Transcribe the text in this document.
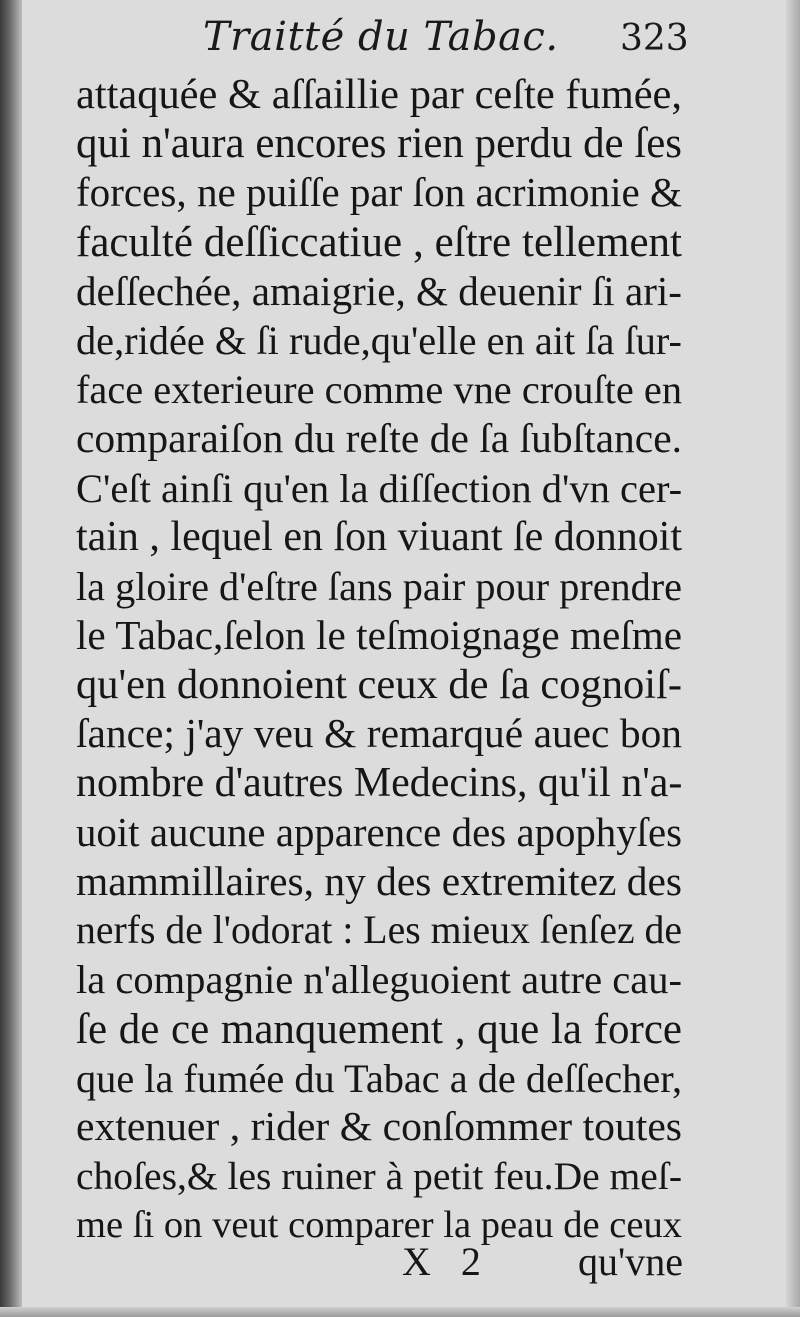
Traitté du Tabac. 323
attaquée & aſſaillie par ceſte fumée,
qui n'aura encores rien perdu de ſes
forces, ne puiſſe par ſon acrimonie &
faculté deſſiccatiue , eſtre tellement
deſſechée, amaigrie, & deuenir ſi ari-
de,ridée & ſi rude,qu'elle en ait ſa ſur-
face exterieure comme vne crouſte en
comparaiſon du reſte de ſa ſubſtance.
C'eſt ainſi qu'en la diſſection d'vn cer-
tain , lequel en ſon viuant ſe donnoit
la gloire d'eſtre ſans pair pour prendre
le Tabac,ſelon le teſmoignage meſme
qu'en donnoient ceux de ſa cognoiſ-
ſance; j'ay veu & remarqué auec bon
nombre d'autres Medecins, qu'il n'a-
uoit aucune apparence des apophyſes
mammillaires, ny des extremitez des
nerfs de l'odorat : Les mieux ſenſez de
la compagnie n'alleguoient autre cau-
ſe de ce manquement , que la force
que la fumée du Tabac a de deſſecher,
extenuer , rider & conſommer toutes
choſes,& les ruiner à petit feu.De meſ-
me ſi on veut comparer la peau de ceux
X 2 qu'vne
